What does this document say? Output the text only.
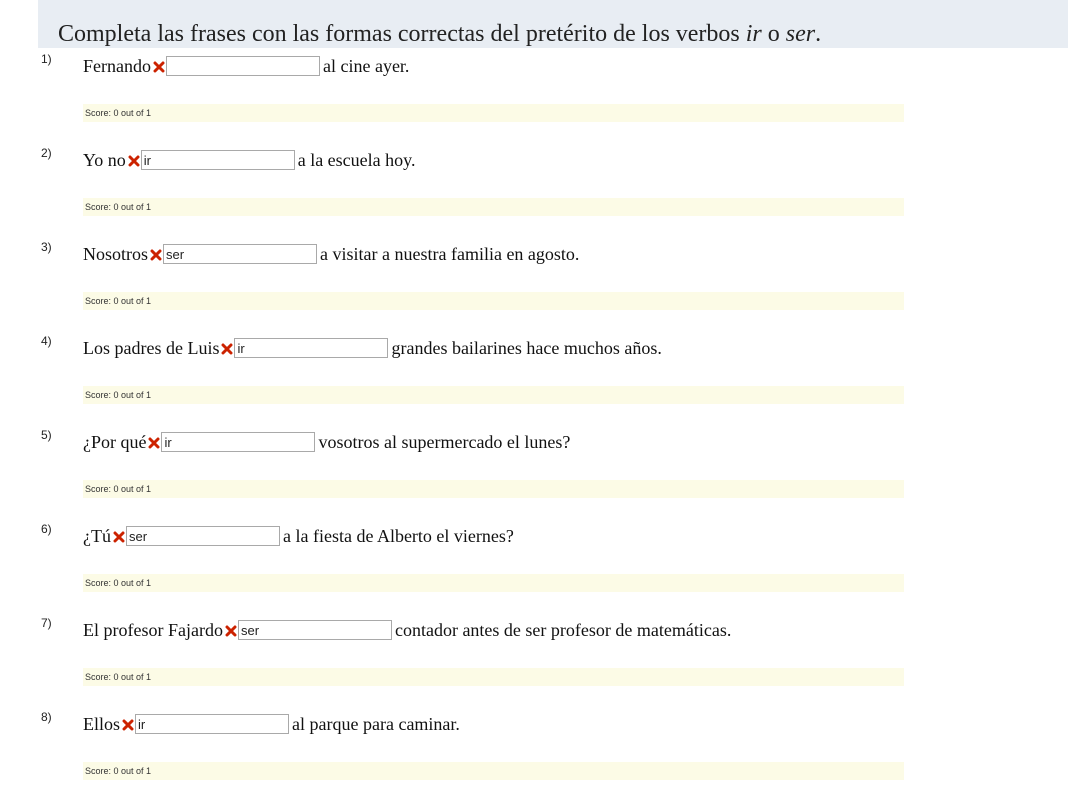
Completa las frases con las formas correctas del pretérito de los verbos ir o ser.
1) Fernando	al cine ayer.
Score: 0 out of 1
2) Yo no
ir	a la escuela hoy.
Score: 0 out of 1
3) Nosotros
ser	a visitar a nuestra familia en agosto.
Score: 0 out of 1
4) Los padres de Luis
ir	grandes bailarines hace muchos años.
Score: 0 out of 1
5) ¿Por qué
ir	vosotros al supermercado el lunes?
Score: 0 out of 1
6) ¿Tú
ser	a la fiesta de Alberto el viernes?
Score: 0 out of 1
7) El profesor Fajardo
ser	contador antes de ser profesor de matemáticas.
Score: 0 out of 1
8) Ellos
ir	al parque para caminar.
Score: 0 out of 1
